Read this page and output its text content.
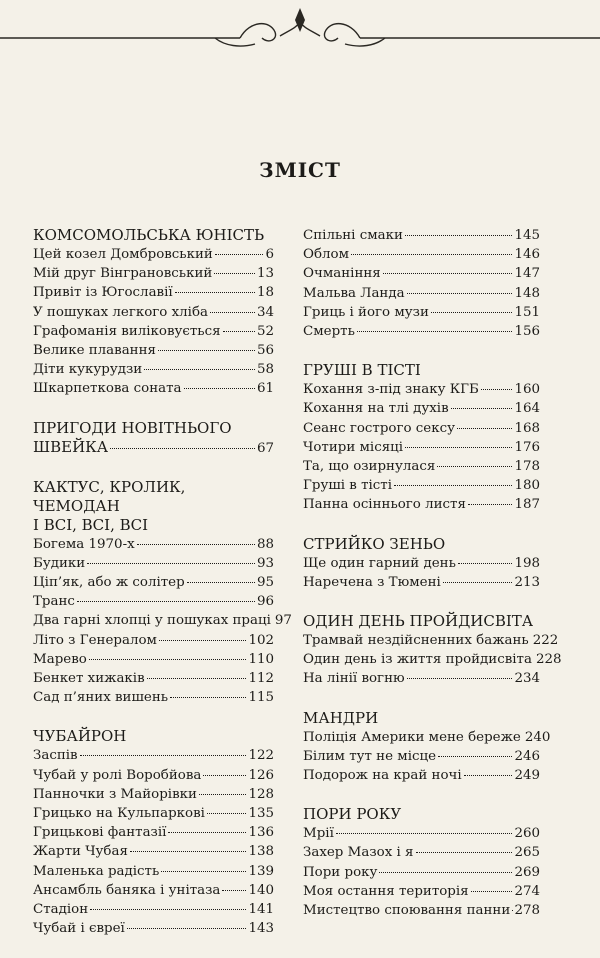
ЗМІСТ
КОМСОМОЛЬСЬКА ЮНІСТЬ
Цей козел Домбровський	6
Мій друг Вінграновський	13
Привіт із Югославії	18
У пошуках легкого хліба	34
Графоманія виліковується	52
Велике плавання	56
Діти кукурудзи	58
Шкарпеткова соната	61
ПРИГОДИ НОВІТНЬОГО
ШВЕЙКА	67
КАКТУС, КРОЛИК, ЧЕМОДАН
І ВСІ, ВСІ, ВСІ
Богема 1970-х	88
Будики	93
Ціп’як, або ж солітер	95
Транс	96
Два гарні хлопці у пошуках праці 97
Літо з Генералом	102
Марево	110
Бенкет хижаків	112
Сад п’яних вишень	115
ЧУБАЙРОН
Заспів	122
Чубай у ролі Воробйова	126
Панночки з Майорівки	128
Грицько на Кульпаркові	135
Грицькові фантазії	136
Жарти Чубая	138
Маленька радість	139
Ансамбль баняка і унітаза 140
Стадіон	141
Чубай і євреї	143
Спільні смаки	145
Облом	146
Очманіння	147
Мальва Ланда	148
Гриць і його музи	151
Смерть	156
ГРУШІ В ТІСТІ
Кохання з-під знаку КГБ	160
Кохання на тлі духів	164
Сеанс гострого сексу	168
Чотири місяці	176
Та, що озирнулася	178
Груші в тісті	180
Панна осіннього листя	187
СТРИЙКО ЗЕНЬО
Ще один гарний день	198
Наречена з Тюмені	213
ОДИН ДЕНЬ ПРОЙДИСВІТА
Трамвай нездійсненних бажань 222
Один день із життя пройдисвіта 228
На лінії вогню	234
МАНДРИ
Поліція Америки мене береже 240
Білим тут не місце	246
Подорож на край ночі	249
ПОРИ РОКУ
Мрії	260
Захер Мазох і я	265
Пори року	269
Моя остання територія	274
Мистецтво споювання панни 278
